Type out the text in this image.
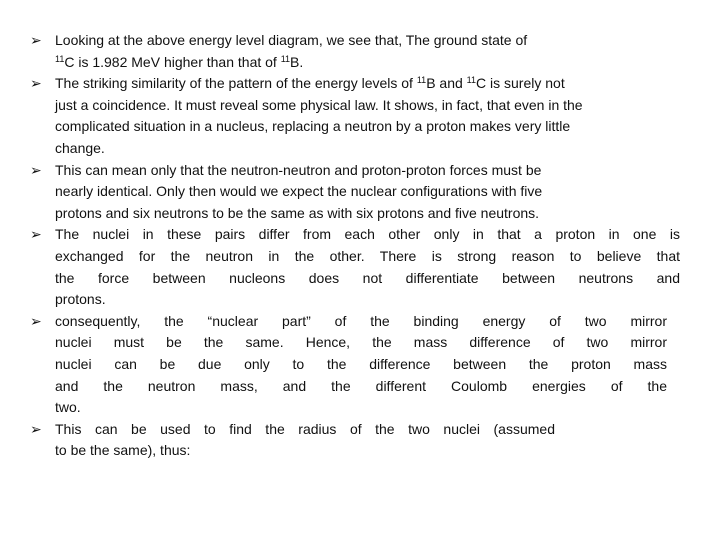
➢ Looking at the above energy level diagram, we see that, The ground state of
$^{11}$C is 1.982 MeV higher than that of $^{11}$B.
➢ The striking similarity of the pattern of the energy levels of $^{11}$B and $^{11}$C is surely not
just a coincidence. It must reveal some physical law. It shows, in fact, that even in the
complicated situation in a nucleus, replacing a neutron by a proton makes very little
change.
➢ This can mean only that the neutron-neutron and proton-proton forces must be
nearly identical. Only then would we expect the nuclear configurations with five
protons and six neutrons to be the same as with six protons and five neutrons.
➢ The nuclei in these pairs differ from each other only in that a proton in one is
exchanged for the neutron in the other. There is strong reason to believe that
the force between nucleons does not differentiate between neutrons and
protons.
➢ consequently, the “nuclear part” of the binding energy of two mirror
nuclei must be the same. Hence, the mass difference of two mirror
nuclei can be due only to the difference between the proton mass
and the neutron mass, and the different Coulomb energies of the
two.
➢ This can be used to find the radius of the two nuclei (assumed
to be the same), thus:
